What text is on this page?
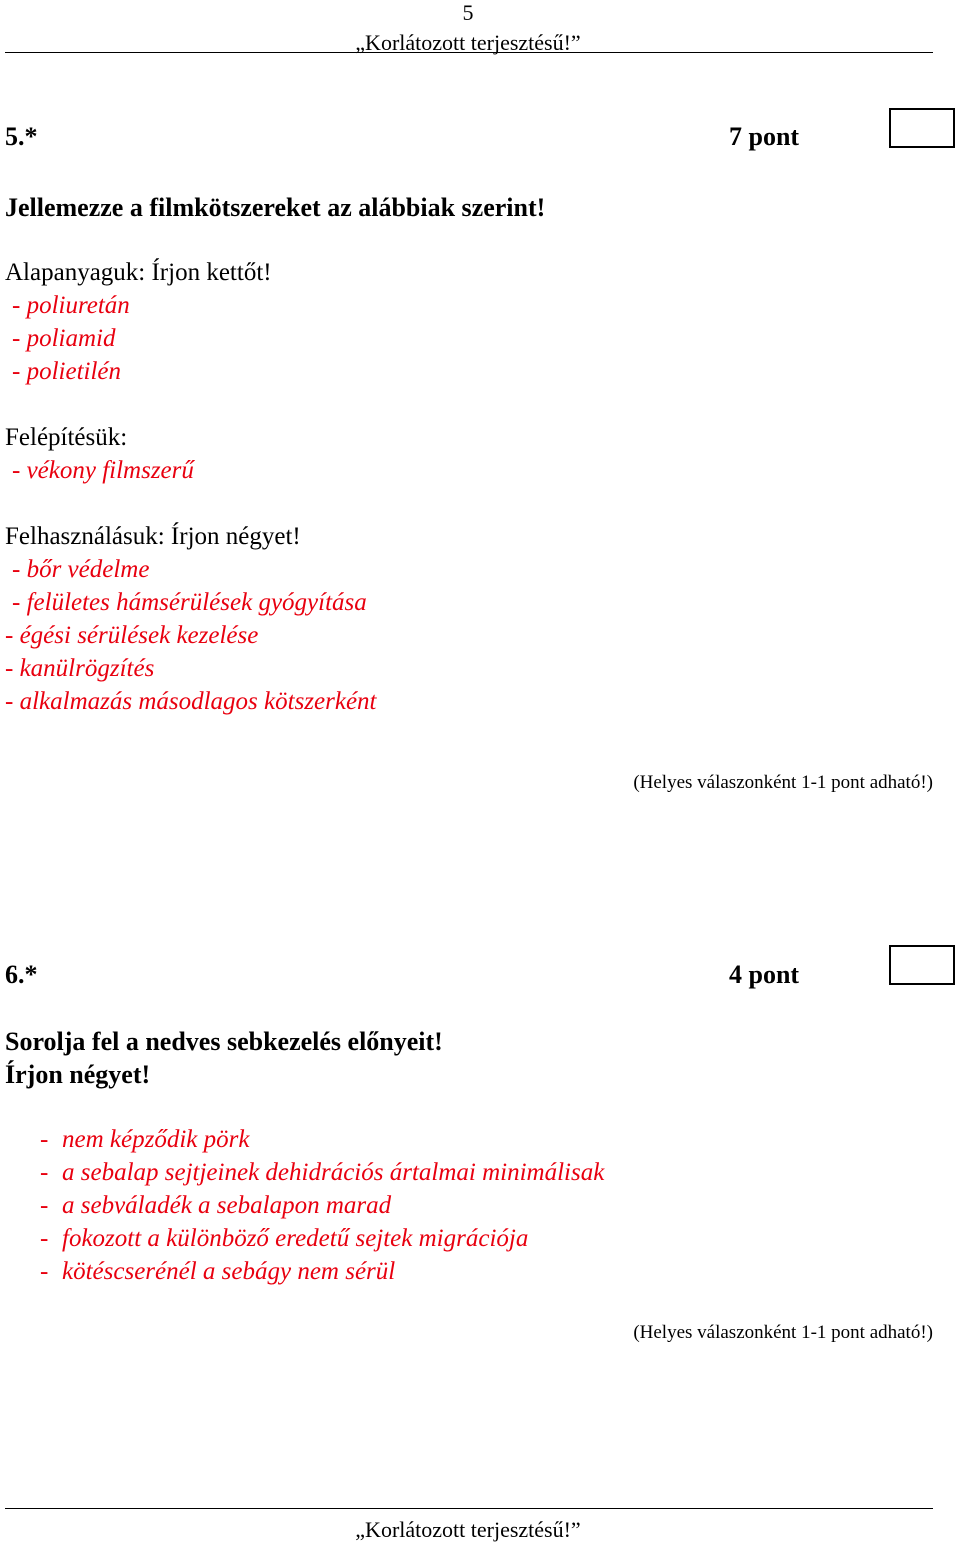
5
„Korlátozott terjesztésű!”
5.*	7 pont
Jellemezze a filmkötszereket az alábbiak szerint!
Alapanyaguk: Írjon kettőt!
- poliuretán
- poliamid
- polietilén
Felépítésük:
- vékony filmszerű
Felhasználásuk: Írjon négyet!
- bőr védelme
- felületes hámsérülések gyógyítása
- égési sérülések kezelése
- kanülrögzítés
- alkalmazás másodlagos kötszerként
(Helyes válaszonként 1-1 pont adható!)
6.*	4 pont
Sorolja fel a nedves sebkezelés előnyeit!
Írjon négyet!
- nem képződik pörk
- a sebalap sejtjeinek dehidrációs ártalmai minimálisak
- a sebváladék a sebalapon marad
- fokozott a különböző eredetű sejtek migrációja
- kötéscserénél a sebágy nem sérül
(Helyes válaszonként 1-1 pont adható!)
„Korlátozott terjesztésű!”
